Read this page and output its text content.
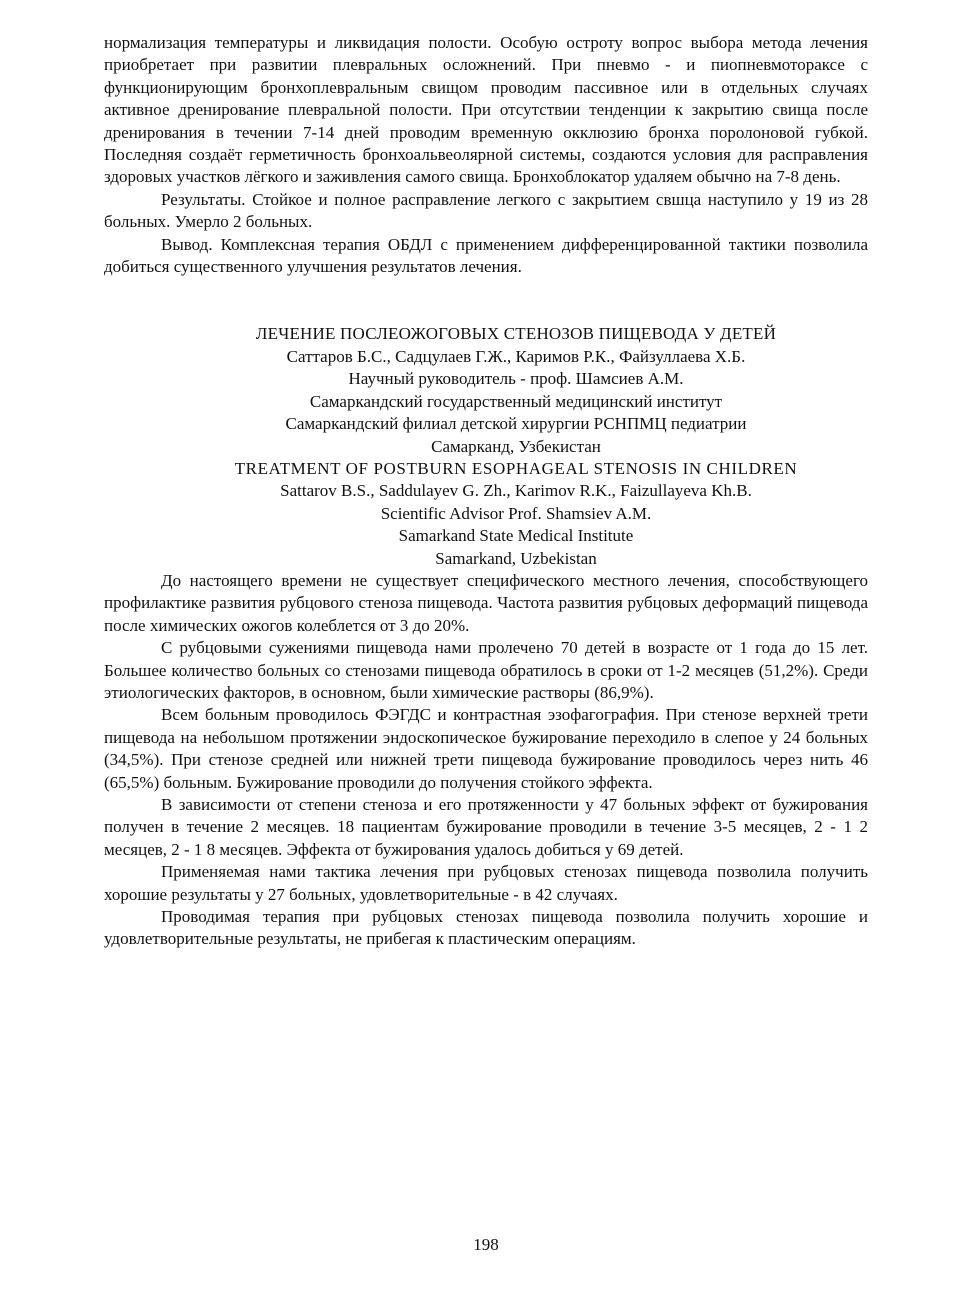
нормализация температуры и ликвидация полости. Особую остроту вопрос выбора метода лечения приобретает при развитии плевральных осложнений. При пневмо - и пиопневмотораксе с функционирующим бронхоплевральным свищом проводим пассивное или в отдельных случаях активное дренирование плевральной полости. При отсутствии тенденции к закрытию свища после дренирования в течении 7-14 дней проводим временную окклюзию бронха поролоновой губкой. Последняя создаёт герметичность бронхоальвеолярной системы, создаются условия для расправления здоровых участков лёгкого и заживления самого свища. Бронхоблокатор удаляем обычно на 7-8 день.

Результаты. Стойкое и полное расправление легкого с закрытием свшца наступило у 19 из 28 больных. Умерло 2 больных.

Вывод. Комплексная терапия ОБДЛ с применением дифференцированной тактики позволила добиться существенного улучшения результатов лечения.

ЛЕЧЕНИЕ ПОСЛЕОЖОГОВЫХ СТЕНОЗОВ ПИЩЕВОДА У ДЕТЕЙ
Саттаров Б.С., Садцулаев Г.Ж., Каримов Р.К., Файзуллаева Х.Б.
Научный руководитель - проф. Шамсиев А.М.
Самаркандский государственный медицинский институт
Самаркандский филиал детской хирургии РСНПМЦ педиатрии
Самарканд, Узбекистан
TREATMENT OF POSTBURN ESOPHAGEAL STENOSIS IN CHILDREN
Sattarov B.S., Saddulayev G. Zh., Karimov R.K., Faizullayeva Kh.B.
Scientific Advisor Prof. Shamsiev A.M.
Samarkand State Medical Institute
Samarkand, Uzbekistan

До настоящего времени не существует специфического местного лечения, способствующего профилактике развития рубцового стеноза пищевода. Частота развития рубцовых деформаций пищевода после химических ожогов колеблется от 3 до 20%.

С рубцовыми сужениями пищевода нами пролечено 70 детей в возрасте от 1 года до 15 лет. Большее количество больных со стенозами пищевода обратилось в сроки от 1-2 месяцев (51,2%). Среди этиологических факторов, в основном, были химические растворы (86,9%).

Всем больным проводилось ФЭГДС и контрастная эзофагография. При стенозе верхней трети пищевода на небольшом протяжении эндоскопическое бужирование переходило в слепое у 24 больных (34,5%). При стенозе средней или нижней трети пищевода бужирование проводилось через нить 46 (65,5%) больным. Бужирование проводили до получения стойкого эффекта.

В зависимости от степени стеноза и его протяженности у 47 больных эффект от бужирования получен в течение 2 месяцев. 18 пациентам бужирование проводили в течение 3-5 месяцев, 2 - 1 2 месяцев, 2 - 1 8 месяцев. Эффекта от бужирования удалось добиться у 69 детей.

Применяемая нами тактика лечения при рубцовых стенозах пищевода позволила получить хорошие результаты у 27 больных, удовлетворительные - в 42 случаях.

Проводимая терапия при рубцовых стенозах пищевода позволила получить хорошие и удовлетворительные результаты, не прибегая к пластическим операциям.

198
